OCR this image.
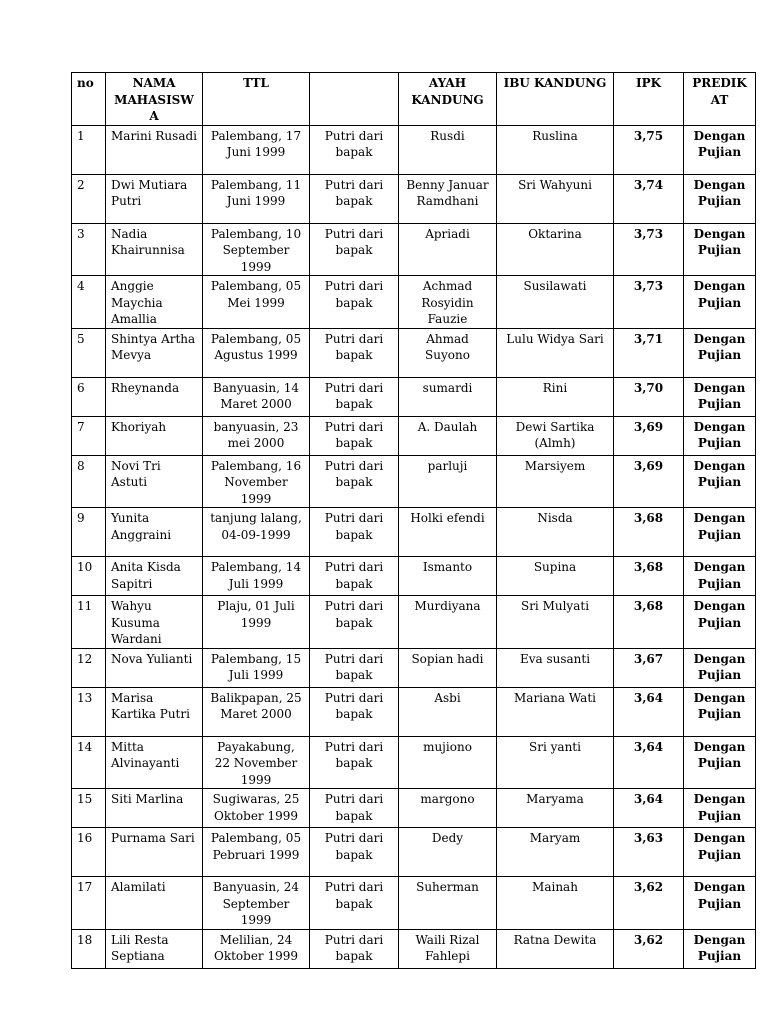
no	NAMA MAHASISW A	TTL		AYAH KANDUNG	IBU KANDUNG	IPK	PREDIK AT
1	Marini Rusadi	Palembang, 17 Juni 1999	Putri dari bapak	Rusdi	Ruslina	3,75	Dengan Pujian
2	Dwi Mutiara Putri	Palembang, 11 Juni 1999	Putri dari bapak	Benny Januar Ramdhani	Sri Wahyuni	3,74	Dengan Pujian
3	Nadia Khairunnisa	Palembang, 10 September 1999	Putri dari bapak	Apriadi	Oktarina	3,73	Dengan Pujian
4	Anggie Maychia Amallia	Palembang, 05 Mei 1999	Putri dari bapak	Achmad Rosyidin Fauzie	Susilawati	3,73	Dengan Pujian
5	Shintya Artha Mevya	Palembang, 05 Agustus 1999	Putri dari bapak	Ahmad Suyono	Lulu Widya Sari	3,71	Dengan Pujian
6	Rheynanda	Banyuasin, 14 Maret 2000	Putri dari bapak	sumardi	Rini	3,70	Dengan Pujian
7	Khoriyah	banyuasin, 23 mei 2000	Putri dari bapak	A. Daulah	Dewi Sartika (Almh)	3,69	Dengan Pujian
8	Novi Tri Astuti	Palembang, 16 November 1999	Putri dari bapak	parluji	Marsiyem	3,69	Dengan Pujian
9	Yunita Anggraini	tanjung lalang, 04-09-1999	Putri dari bapak	Holki efendi	Nisda	3,68	Dengan Pujian
10	Anita Kisda Sapitri	Palembang, 14 Juli 1999	Putri dari bapak	Ismanto	Supina	3,68	Dengan Pujian
11	Wahyu Kusuma Wardani	Plaju, 01 Juli 1999	Putri dari bapak	Murdiyana	Sri Mulyati	3,68	Dengan Pujian
12	Nova Yulianti	Palembang, 15 Juli 1999	Putri dari bapak	Sopian hadi	Eva susanti	3,67	Dengan Pujian
13	Marisa Kartika Putri	Balikpapan, 25 Maret 2000	Putri dari bapak	Asbi	Mariana Wati	3,64	Dengan Pujian
14	Mitta Alvinayanti	Payakabung, 22 November 1999	Putri dari bapak	mujiono	Sri yanti	3,64	Dengan Pujian
15	Siti Marlina	Sugiwaras, 25 Oktober 1999	Putri dari bapak	margono	Maryama	3,64	Dengan Pujian
16	Purnama Sari	Palembang, 05 Pebruari 1999	Putri dari bapak	Dedy	Maryam	3,63	Dengan Pujian
17	Alamilati	Banyuasin, 24 September 1999	Putri dari bapak	Suherman	Mainah	3,62	Dengan Pujian
18	Lili Resta Septiana	Melilian, 24 Oktober 1999	Putri dari bapak	Waili Rizal Fahlepi	Ratna Dewita	3,62	Dengan Pujian
